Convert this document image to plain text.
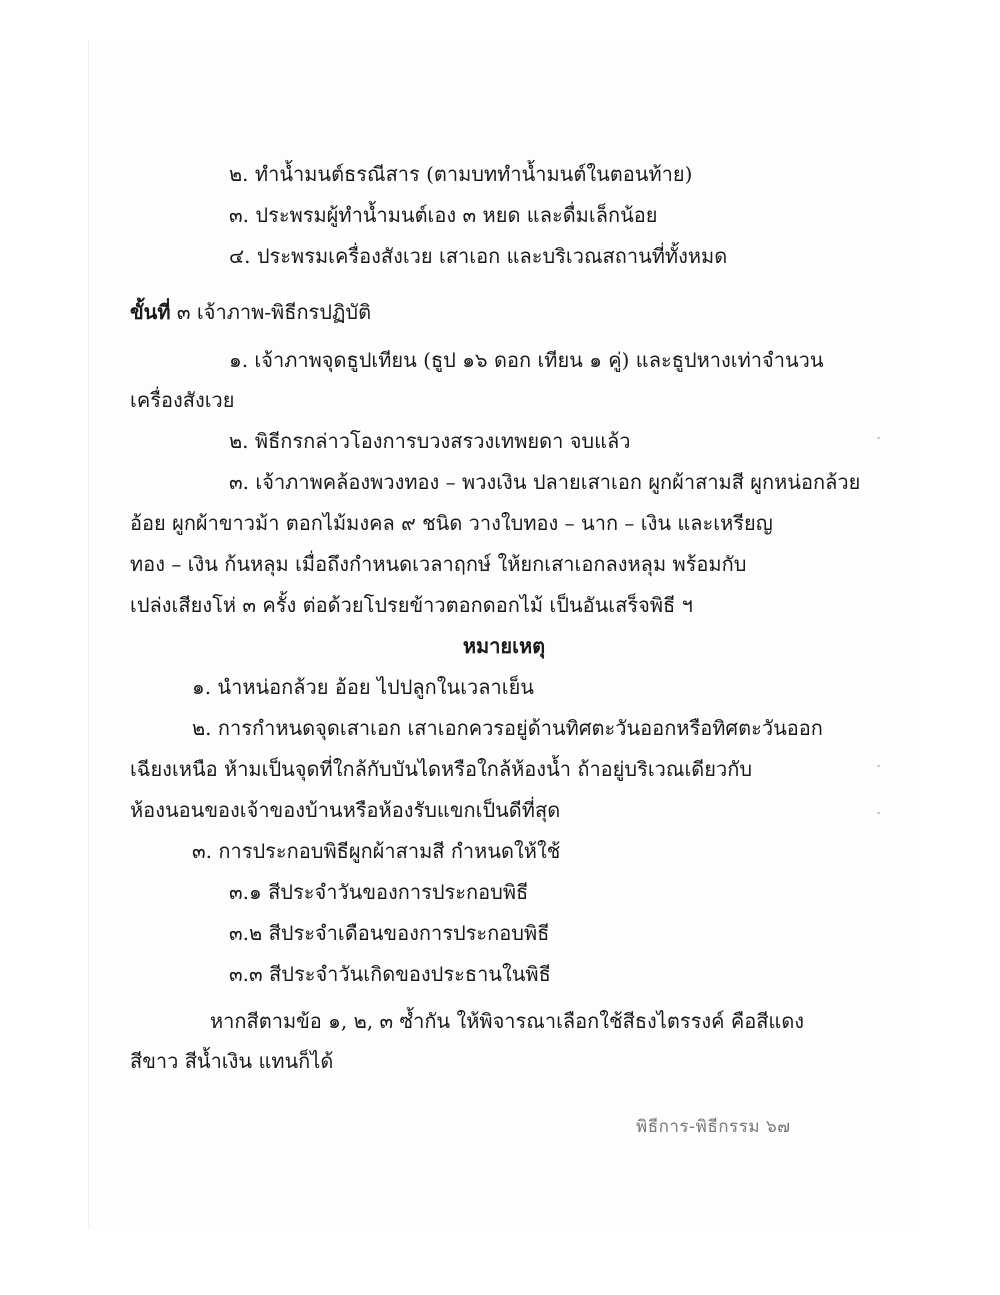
๒. ทำน้ำมนต์ธรณีสาร (ตามบททำน้ำมนต์ในตอนท้าย)
๓. ประพรมผู้ทำน้ำมนต์เอง ๓ หยด และดื่มเล็กน้อย
๔. ประพรมเครื่องสังเวย เสาเอก และบริเวณสถานที่ทั้งหมด
ขั้นที่ ๓ เจ้าภาพ-พิธีกรปฏิบัติ
๑. เจ้าภาพจุดธูปเทียน (ธูป ๑๖ ดอก เทียน ๑ คู่) และธูปหางเท่าจำนวน
เครื่องสังเวย
๒. พิธีกรกล่าวโองการบวงสรวงเทพยดา จบแล้ว
๓. เจ้าภาพคล้องพวงทอง – พวงเงิน ปลายเสาเอก ผูกผ้าสามสี ผูกหน่อกล้วย
อ้อย ผูกผ้าขาวม้า ตอกไม้มงคล ๙ ชนิด วางใบทอง – นาก – เงิน และเหรียญ
ทอง – เงิน ก้นหลุม เมื่อถึงกำหนดเวลาฤกษ์ ให้ยกเสาเอกลงหลุม พร้อมกับ
เปล่งเสียงโห่ ๓ ครั้ง ต่อด้วยโปรยข้าวตอกดอกไม้ เป็นอันเสร็จพิธี ฯ
หมายเหตุ
๑. นำหน่อกล้วย อ้อย ไปปลูกในเวลาเย็น
๒. การกำหนดจุดเสาเอก เสาเอกควรอยู่ด้านทิศตะวันออกหรือทิศตะวันออก
เฉียงเหนือ ห้ามเป็นจุดที่ใกล้กับบันไดหรือใกล้ห้องน้ำ ถ้าอยู่บริเวณเดียวกับ
ห้องนอนของเจ้าของบ้านหรือห้องรับแขกเป็นดีที่สุด
๓. การประกอบพิธีผูกผ้าสามสี กำหนดให้ใช้
๓.๑ สีประจำวันของการประกอบพิธี
๓.๒ สีประจำเดือนของการประกอบพิธี
๓.๓ สีประจำวันเกิดของประธานในพิธี
หากสีตามข้อ ๑, ๒, ๓ ซ้ำกัน ให้พิจารณาเลือกใช้สีธงไตรรงค์ คือสีแดง
สีขาว สีน้ำเงิน แทนก็ได้
พิธีการ-พิธีกรรม ๖๗
